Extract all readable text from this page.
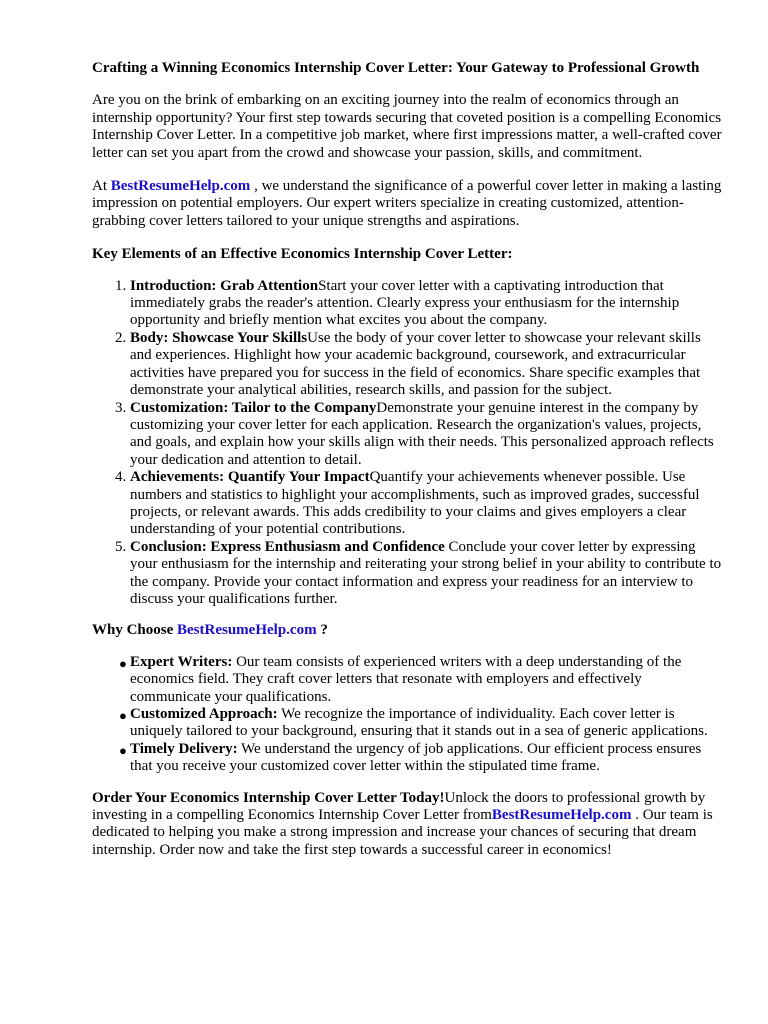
Crafting a Winning Economics Internship Cover Letter: Your Gateway to Professional Growth

Are you on the brink of embarking on an exciting journey into the realm of economics through an internship opportunity? Your first step towards securing that coveted position is a compelling Economics Internship Cover Letter. In a competitive job market, where first impressions matter, a well-crafted cover letter can set you apart from the crowd and showcase your passion, skills, and commitment.

At BestResumeHelp.com , we understand the significance of a powerful cover letter in making a lasting impression on potential employers. Our expert writers specialize in creating customized, attention-grabbing cover letters tailored to your unique strengths and aspirations.

Key Elements of an Effective Economics Internship Cover Letter:
1. Introduction: Grab AttentionStart your cover letter with a captivating introduction that immediately grabs the reader's attention. Clearly express your enthusiasm for the internship opportunity and briefly mention what excites you about the company.
2. Body: Showcase Your SkillsUse the body of your cover letter to showcase your relevant skills and experiences. Highlight how your academic background, coursework, and extracurricular activities have prepared you for success in the field of economics. Share specific examples that demonstrate your analytical abilities, research skills, and passion for the subject.
3. Customization: Tailor to the CompanyDemonstrate your genuine interest in the company by customizing your cover letter for each application. Research the organization's values, projects, and goals, and explain how your skills align with their needs. This personalized approach reflects your dedication and attention to detail.
4. Achievements: Quantify Your ImpactQuantify your achievements whenever possible. Use numbers and statistics to highlight your accomplishments, such as improved grades, successful projects, or relevant awards. This adds credibility to your claims and gives employers a clear understanding of your potential contributions.
5. Conclusion: Express Enthusiasm and Confidence Conclude your cover letter by expressing your enthusiasm for the internship and reiterating your strong belief in your ability to contribute to the company. Provide your contact information and express your readiness for an interview to discuss your qualifications further.
Why Choose BestResumeHelp.com ?
● Expert Writers: Our team consists of experienced writers with a deep understanding of the economics field. They craft cover letters that resonate with employers and effectively communicate your qualifications.
● Customized Approach: We recognize the importance of individuality. Each cover letter is uniquely tailored to your background, ensuring that it stands out in a sea of generic applications.
● Timely Delivery: We understand the urgency of job applications. Our efficient process ensures that you receive your customized cover letter within the stipulated time frame.

Order Your Economics Internship Cover Letter Today!Unlock the doors to professional growth by investing in a compelling Economics Internship Cover Letter fromBestResumeHelp.com . Our team is dedicated to helping you make a strong impression and increase your chances of securing that dream internship. Order now and take the first step towards a successful career in economics!
